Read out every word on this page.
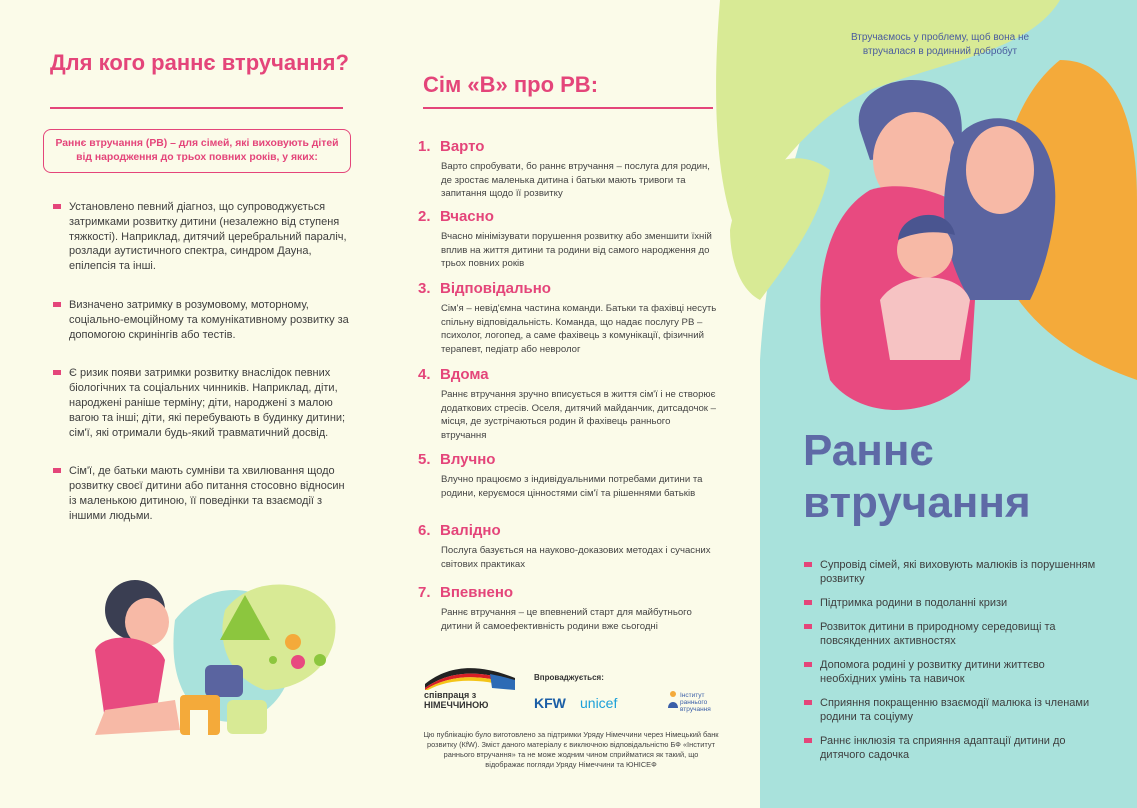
Для кого раннє втручання?
Раннє втручання (РВ) – для сімей, які виховують дітей від народження до трьох повних років, у яких:
Установлено певний діагноз, що супроводжується затримками розвитку дитини (незалежно від ступеня тяжкості). Наприклад, дитячий церебральний параліч, розлади аутистичного спектра, синдром Дауна, епілепсія та інші.
Визначено затримку в розумовому, моторному, соціально-емоційному та комунікативному розвитку за допомогою скринінгів або тестів.
Є ризик появи затримки розвитку внаслідок певних біологічних та соціальних чинників. Наприклад, діти, народжені раніше терміну; діти, народжені з малою вагою та інші; діти, які перебувають в будинку дитини; сім'ї, які отримали будь-який травматичний досвід.
Сім'ї, де батьки мають сумніви та хвилювання щодо розвитку своєї дитини або питання стосовно відносин із маленькою дитиною, її поведінки та взаємодії з іншими людьми.
Сім «В» про РВ:
1. Варто
Варто спробувати, бо раннє втручання – послуга для родин, де зростає маленька дитина і батьки мають тривоги та запитання щодо її розвитку
2. Вчасно
Вчасно мінімізувати порушення розвитку або зменшити їхній вплив на життя дитини та родини від самого народження до трьох повних років
3. Відповідально
Сім'я – невід'ємна частина команди. Батьки та фахівці несуть спільну відповідальність. Команда, що надає послугу РВ – психолог, логопед, а саме фахівець з комунікації, фізичний терапевт, педіатр або невролог
4. Вдома
Раннє втручання зручно вписується в життя сім'ї і не створює додаткових стресів. Оселя, дитячий майданчик, дитсадочок – місця, де зустрічаються родин й фахівець раннього втручання
5. Влучно
Влучно працюємо з індивідуальними потребами дитини та родини, керуємося цінностями сім'ї та рішеннями батьків
6. Валідно
Послуга базується на науково-доказових методах і сучасних світових практиках
7. Впевнено
Раннє втручання – це впевнений старт для майбутнього дитини й самоефективність родини вже сьогодні
співпраця з НІМЕЧЧИНОЮ
Впроваджується:
KFW unicef	Інститут раннього втручання
Цю публікацію було виготовлено за підтримки Уряду Німеччини через Німецький банк розвитку (КfW). Зміст даного матеріалу є виключною відповідальністю БФ «Інститут раннього втручання» та не може жодним чином сприйматися як такий, що відображає погляди Уряду Німеччини та ЮНІСЕФ
Втручаємось у проблему, щоб вона не втручалася в родинний добробут
Раннє
втручання
Супровід сімей, які виховують малюків із порушенням розвитку
Підтримка родини в подоланні кризи
Розвиток дитини в природному середовищі та повсякденних активностях
Допомога родині у розвитку дитини життєво необхідних умінь та навичок
Сприяння покращенню взаємодії малюка із членами родини та соціуму
Раннє інклюзія та сприяння адаптації дитини до дитячого садочка
